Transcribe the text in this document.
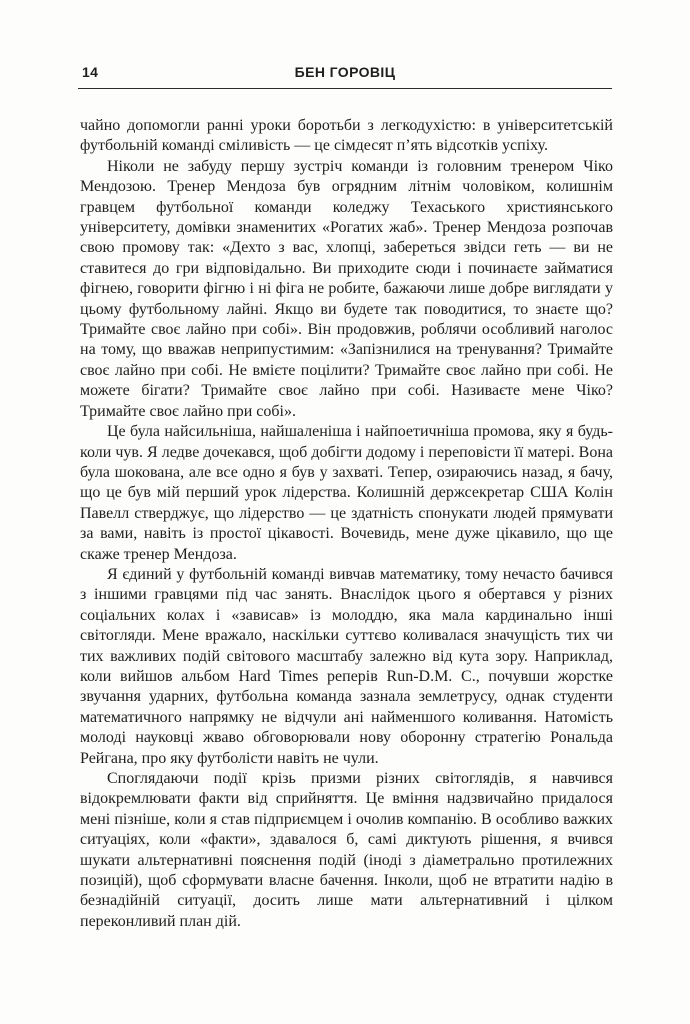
14	БЕН ГОРОВІЦ

чайно допомогли ранні уроки боротьби з легкодухістю: в університетській футбольній команді сміливість — це сімдесят п’ять відсотків успіху.

Ніколи не забуду першу зустріч команди із головним тренером Чіко Мендозою. Тренер Мендоза був огрядним літнім чоловіком, колишнім гравцем футбольної команди коледжу Техаського християнського університету, домівки знаменитих «Рогатих жаб». Тренер Мендоза розпочав свою промову так: «Дехто з вас, хлопці, забереться звідси геть — ви не ставитеся до гри відповідально. Ви приходите сюди і починаєте займатися фігнею, говорити фігню і ні фіга не робите, бажаючи лише добре виглядати у цьому футбольному лайні. Якщо ви будете так поводитися, то знаєте що? Тримайте своє лайно при собі». Він продовжив, роблячи особливий наголос на тому, що вважав неприпустимим: «Запізнилися на тренування? Тримайте своє лайно при собі. Не вмієте поцілити? Тримайте своє лайно при собі. Не можете бігати? Тримайте своє лайно при собі. Називаєте мене Чіко? Тримайте своє лайно при собі».

Це була найсильніша, найшаленіша і найпоетичніша промова, яку я будь-коли чув. Я ледве дочекався, щоб добігти додому і переповісти її матері. Вона була шокована, але все одно я був у захваті. Тепер, озираючись назад, я бачу, що це був мій перший урок лідерства. Колишній держсекретар США Колін Павелл стверджує, що лідерство — це здатність спонукати людей прямувати за вами, навіть із простої цікавості. Вочевидь, мене дуже цікавило, що ще скаже тренер Мендоза.

Я єдиний у футбольній команді вивчав математику, тому нечасто бачився з іншими гравцями під час занять. Внаслідок цього я обертався у різних соціальних колах і «зависав» із молоддю, яка мала кардинально інші світогляди. Мене вражало, наскільки суттєво коливалася значущість тих чи тих важливих подій світового масштабу залежно від кута зору. Наприклад, коли вийшов альбом Hard Times реперів Run-D.M. C., почувши жорстке звучання ударних, футбольна команда зазнала землетрусу, однак студенти математичного напрямку не відчули ані найменшого коливання. Натомість молоді науковці жваво обговорювали нову оборонну стратегію Рональда Рейгана, про яку футболісти навіть не чули.

Споглядаючи події крізь призми різних світоглядів, я навчився відокремлювати факти від сприйняття. Це вміння надзвичайно придалося мені пізніше, коли я став підприємцем і очолив компанію. В особливо важких ситуаціях, коли «факти», здавалося б, самі диктують рішення, я вчився шукати альтернативні пояснення подій (іноді з діаметрально протилежних позицій), щоб сформувати власне бачення. Інколи, щоб не втратити надію в безнадійній ситуації, досить лише мати альтернативний і цілком переконливий план дій.
